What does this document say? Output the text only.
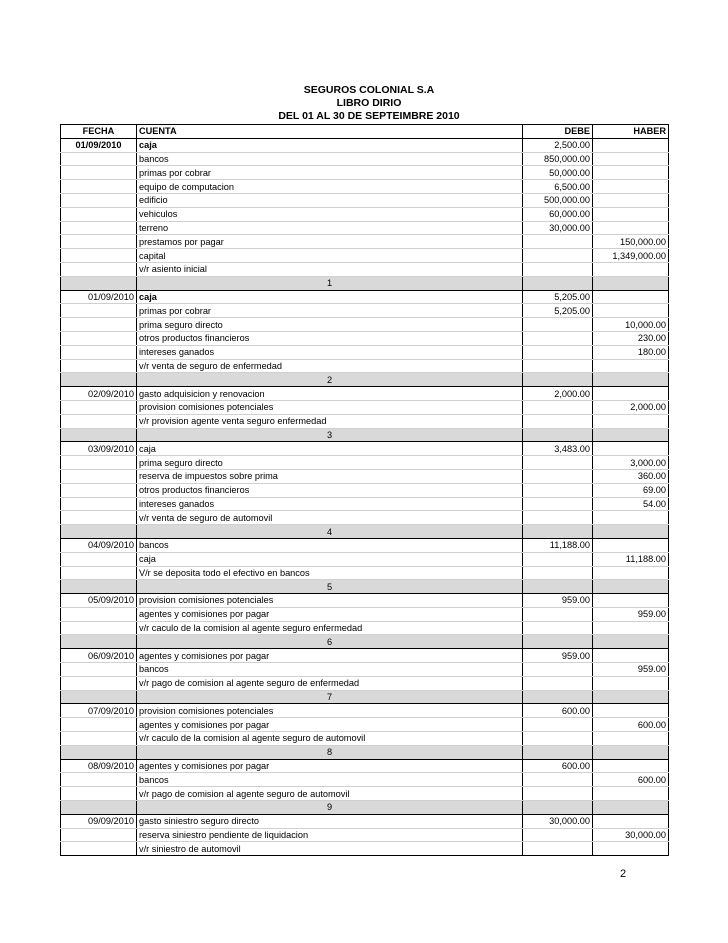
SEGUROS COLONIAL S.A
LIBRO DIRIO
DEL 01 AL 30 DE SEPTEIMBRE 2010
FECHA	CUENTA	DEBE	HABER
01/09/2010	caja	2,500.00	
	bancos	850,000.00	
	primas por cobrar	50,000.00	
	equipo de computacion	6,500.00	
	edificio	500,000.00	
	vehiculos	60,000.00	
	terreno	30,000.00	
	prestamos por pagar		150,000.00
	capital		1,349,000.00
	v/r asiento inicial		
	1		
01/09/2010	caja	5,205.00	
	primas por cobrar	5,205.00	
	prima seguro directo		10,000.00
	otros productos financieros		230.00
	intereses ganados		180.00
	v/r venta de seguro de enfermedad		
	2		
02/09/2010	gasto adquisicion y renovacion	2,000.00	
	provision comisiones potenciales		2,000.00
	v/r provision agente venta seguro enfermedad		
	3		
03/09/2010	caja	3,483.00	
	prima seguro directo		3,000.00
	reserva de impuestos sobre prima		360.00
	otros productos financieros		69.00
	intereses ganados		54.00
	v/r venta de seguro de automovil		
	4		
04/09/2010	bancos	11,188.00	
	caja		11,188.00
	V/r se deposita todo el efectivo en bancos		
	5		
05/09/2010	provision comisiones potenciales	959.00	
	agentes y comisiones por pagar		959.00
	v/r caculo de la comision al agente seguro enfermedad		
	6		
06/09/2010	agentes y comisiones por pagar	959.00	
	bancos		959.00
	v/r pago de comision al agente seguro de enfermedad		
	7		
07/09/2010	provision comisiones potenciales	600.00	
	agentes y comisiones por pagar		600.00
	v/r caculo de la comision al agente seguro de automovil		
	8		
08/09/2010	agentes y comisiones por pagar	600.00	
	bancos		600.00
	v/r pago de comision al agente seguro de automovil		
	9		
09/09/2010	gasto siniestro seguro directo	30,000.00	
	reserva siniestro pendiente de liquidacion		30,000.00
	v/r siniestro de automovil		
2
